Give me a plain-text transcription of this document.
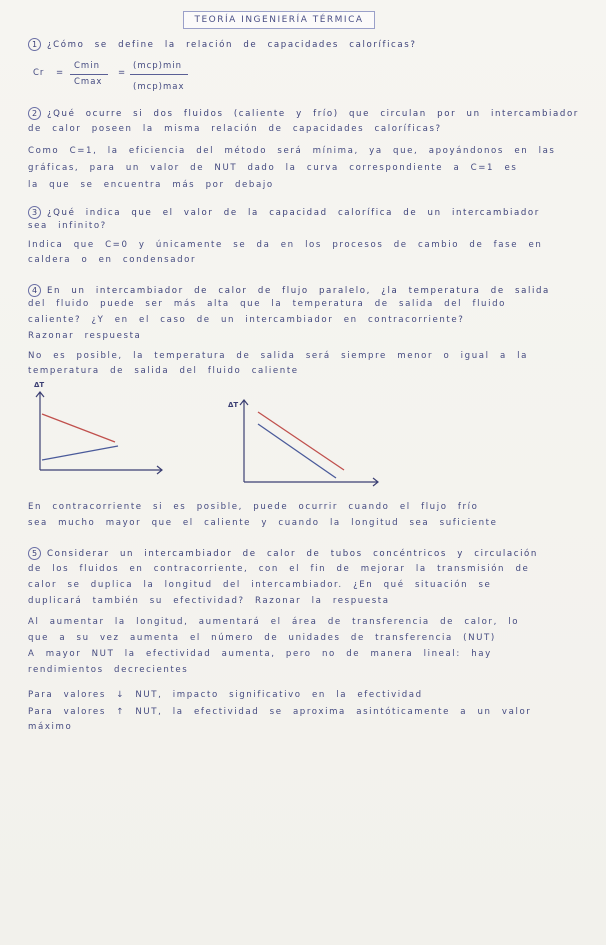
TEORÍA INGENIERÍA TÉRMICA
1 ¿Cómo se define la relación de capacidades caloríficas?
Cr =
Cmin
Cmax
=
(mcp)min
(mcp)max
2 ¿Qué ocurre si dos fluidos (caliente y frío) que circulan por un intercambiador
de calor poseen la misma relación de capacidades caloríficas?
Como C=1, la eficiencia del método será mínima, ya que, apoyándonos en las
gráficas, para un valor de NUT dado la curva correspondiente a C=1 es
la que se encuentra más por debajo
3 ¿Qué indica que el valor de la capacidad calorífica de un intercambiador
sea infinito?
Indica que C=0 y únicamente se da en los procesos de cambio de fase en
caldera o en condensador
4 En un intercambiador de calor de flujo paralelo, ¿la temperatura de salida
del fluido puede ser más alta que la temperatura de salida del fluido
caliente? ¿Y en el caso de un intercambiador en contracorriente?
Razonar respuesta
No es posible, la temperatura de salida será siempre menor o igual a la
temperatura de salida del fluido caliente
ΔT
ΔT
En contracorriente si es posible, puede ocurrir cuando el flujo frío
sea mucho mayor que el caliente y cuando la longitud sea suficiente
5 Considerar un intercambiador de calor de tubos concéntricos y circulación
de los fluidos en contracorriente, con el fin de mejorar la transmisión de
calor se duplica la longitud del intercambiador. ¿En qué situación se
duplicará también su efectividad? Razonar la respuesta
Al aumentar la longitud, aumentará el área de transferencia de calor, lo
que a su vez aumenta el número de unidades de transferencia (NUT)
A mayor NUT la efectividad aumenta, pero no de manera lineal: hay
rendimientos decrecientes
Para valores ↓ NUT, impacto significativo en la efectividad
Para valores ↑ NUT, la efectividad se aproxima asintóticamente a un valor
máximo
